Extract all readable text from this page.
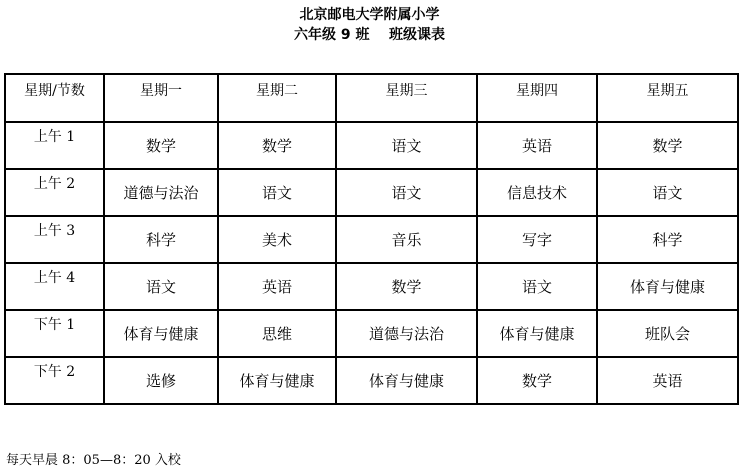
北京邮电大学附属小学
六年级 9 班    班级课表
星期/节数	星期一	星期二	星期三	星期四	星期五
上午 1	数学	数学	语文	英语	数学
上午 2	道德与法治	语文	语文	信息技术	语文
上午 3	科学	美术	音乐	写字	科学
上午 4	语文	英语	数学	语文	体育与健康
下午 1	体育与健康	思维	道德与法治	体育与健康	班队会
下午 2	选修	体育与健康	体育与健康	数学	英语
每天早晨 8：05—8：20 入校
